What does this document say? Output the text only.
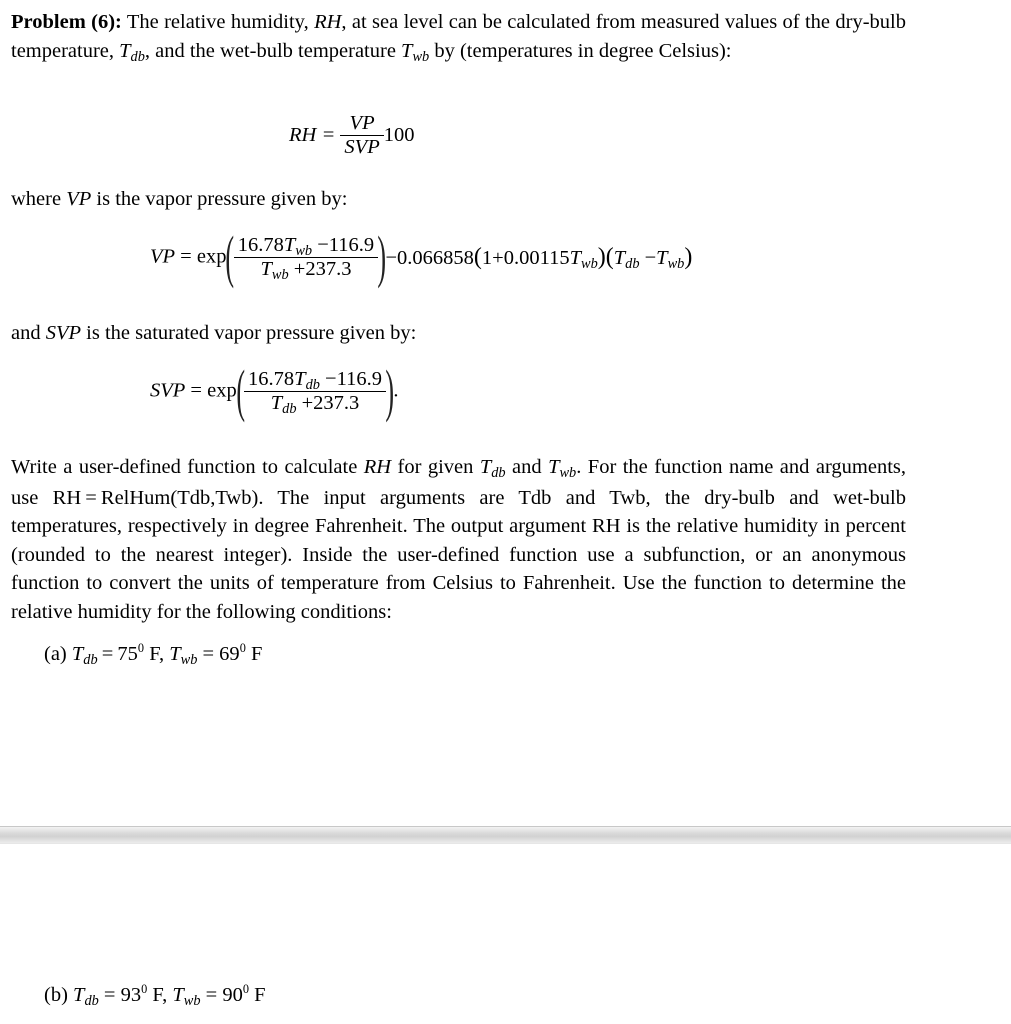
Problem (6): The relative humidity, RH, at sea level can be calculated from measured values of the dry-bulb temperature, Tdb, and the wet-bulb temperature Twb by (temperatures in degree Celsius):
RH = $\frac{VP}{\text{SVP}} 100$
where VP is the vapor pressure given by:
VP = $\exp( \frac{\text{16.78Twb −116.9}}{\text{Twb +237.3}} )-0.066858(1+0.00115Twb)(Tdb -Twb)$
and SVP is the saturated vapor pressure given by:
SVP = $\exp( \frac{\text{16.78Tdb −116.9}}{\text{Tdb +237.3}}$ ).
Write a user-defined function to calculate RH for given Tdb and Twb. For the function name and arguments, use RH = RelHum(Tdb,Twb). The input arguments are Tdb and Twb, the dry-bulb and wet-bulb temperatures, respectively in degree Fahrenheit. The output argument RH is the relative humidity in percent (rounded to the nearest integer). Inside the user-defined function use a subfunction, or an anonymous function to convert the units of temperature from Celsius to Fahrenheit. Use the function to determine the relative humidity for the following conditions:
(a) Tdb = $75^0$ F, Twb = $69^0$ F
(b) Tdb = $93^0$ F, Twb = $90^0$ F
